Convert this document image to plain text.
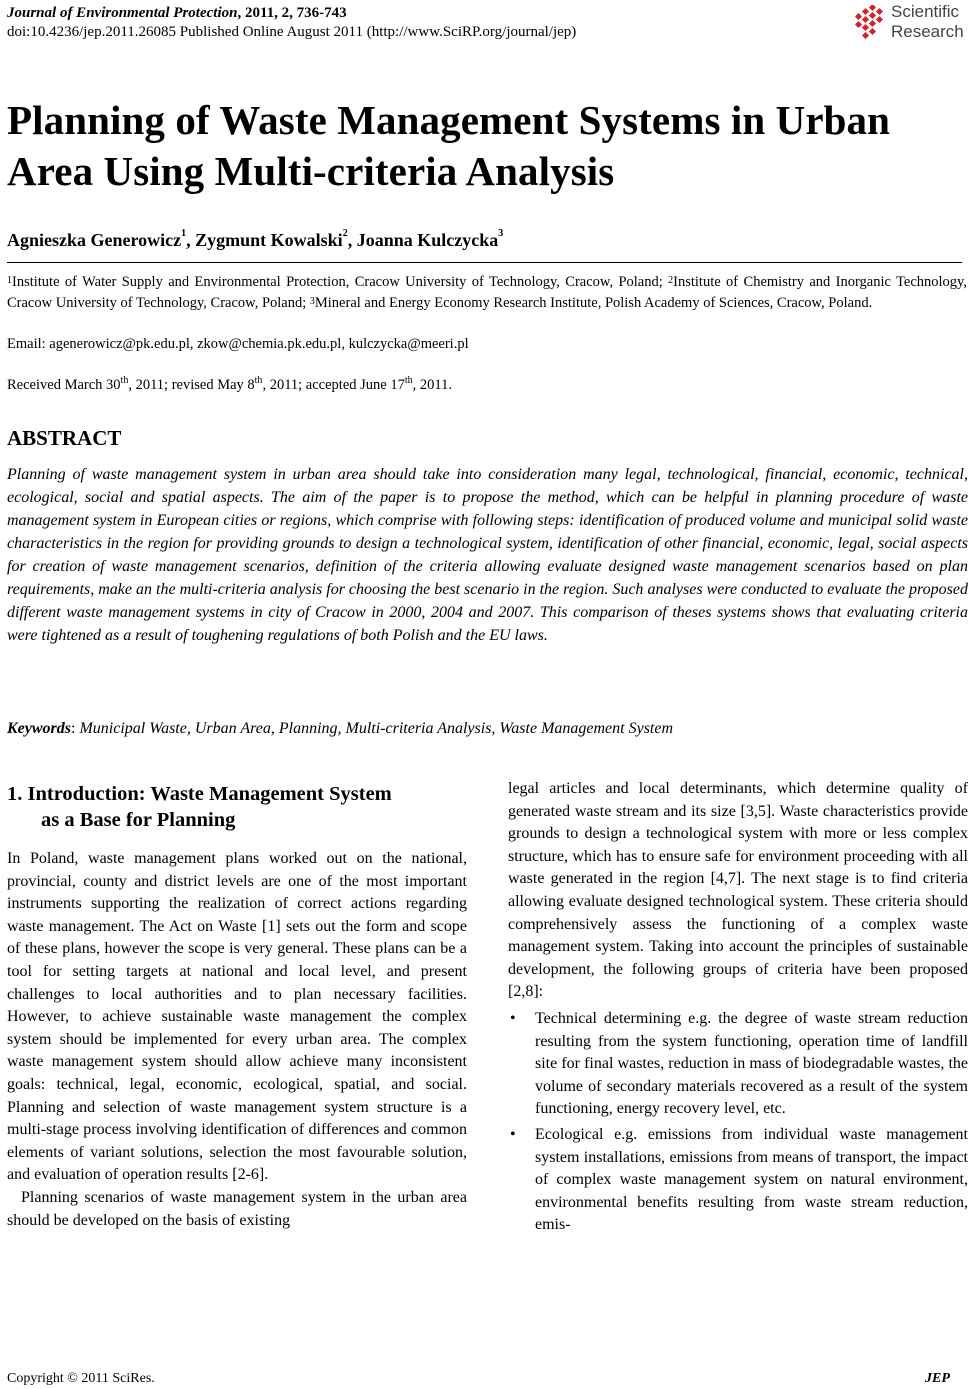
Journal of Environmental Protection, 2011, 2, 736-743
doi:10.4236/jep.2011.26085 Published Online August 2011 (http://www.SciRP.org/journal/jep)
Scientific
Research
Planning of Waste Management Systems in Urban
Area Using Multi-criteria Analysis
Agnieszka Generowicz$^1$, Zygmunt Kowalski$^2$, Joanna Kulczycka$^3$
$^1$Institute of Water Supply and Environmental Protection, Cracow University of Technology, Cracow, Poland; $^2$Institute of Chemistry and Inorganic Technology, Cracow University of Technology, Cracow, Poland; $^3$Mineral and Energy Economy Research Institute, Polish Academy of Sciences, Cracow, Poland.
Email: agenerowicz@pk.edu.pl, zkow@chemia.pk.edu.pl, kulczycka@meeri.pl
Received March 30th, 2011; revised May 8th, 2011; accepted June 17th, 2011.
ABSTRACT
Planning of waste management system in urban area should take into consideration many legal, technological, financial, economic, technical, ecological, social and spatial aspects. The aim of the paper is to propose the method, which can be helpful in planning procedure of waste management system in European cities or regions, which comprise with following steps: identification of produced volume and municipal solid waste characteristics in the region for providing grounds to design a technological system, identification of other financial, economic, legal, social aspects for creation of waste management scenarios, definition of the criteria allowing evaluate designed waste management scenarios based on plan requirements, make an the multi-criteria analysis for choosing the best scenario in the region. Such analyses were conducted to evaluate the proposed different waste management systems in city of Cracow in 2000, 2004 and 2007. This comparison of theses systems shows that evaluating criteria were tightened as a result of toughening regulations of both Polish and the EU laws.
Keywords: Municipal Waste, Urban Area, Planning, Multi-criteria Analysis, Waste Management System
1. Introduction: Waste Management System
as a Base for Planning

In Poland, waste management plans worked out on the national, provincial, county and district levels are one of the most important instruments supporting the realization of correct actions regarding waste management. The Act on Waste [1] sets out the form and scope of these plans, however the scope is very general. These plans can be a tool for setting targets at national and local level, and present challenges to local authorities and to plan necessary facilities. However, to achieve sustainable waste management the complex system should be implemented for every urban area. The complex waste management system should allow achieve many inconsistent goals: technical, legal, economic, ecological, spatial, and social. Planning and selection of waste management system structure is a multi-stage process involving identification of differences and common elements of variant solutions, selection the most favourable solution, and evaluation of operation results [2-6].

Planning scenarios of waste management system in the urban area should be developed on the basis of existing

legal articles and local determinants, which determine quality of generated waste stream and its size [3,5]. Waste characteristics provide grounds to design a technological system with more or less complex structure, which has to ensure safe for environment proceeding with all waste generated in the region [4,7]. The next stage is to find criteria allowing evaluate designed technological system. These criteria should comprehensively assess the functioning of a complex waste management system. Taking into account the principles of sustainable development, the following groups of criteria have been proposed [2,8]:

• Technical determining e.g. the degree of waste stream reduction resulting from the system functioning, operation time of landfill site for final wastes, reduction in mass of biodegradable wastes, the volume of secondary materials recovered as a result of the system functioning, energy recovery level, etc.
• Ecological e.g. emissions from individual waste management system installations, emissions from means of transport, the impact of complex waste management system on natural environment, environmental benefits resulting from waste stream reduction, emis-
Copyright © 2011 SciRes.	JEP
